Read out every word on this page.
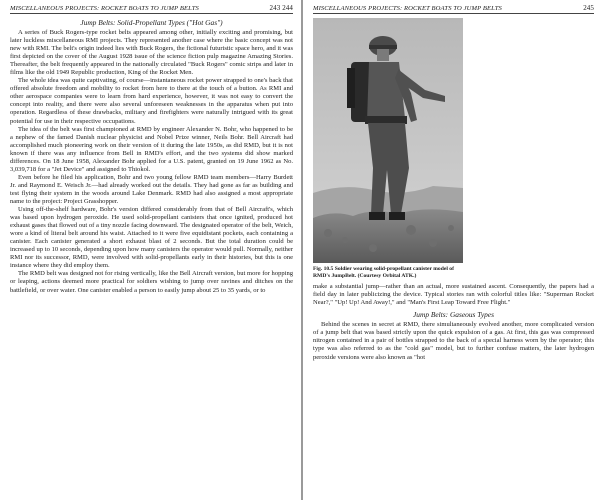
MISCELLANEOUS PROJECTS: ROCKET BOATS TO JUMP BELTS	243 244
Jump Belts: Solid-Propellant Types ("Hot Gas")

A series of Buck Rogers-type rocket belts appeared among other, initially exciting and promising, but later luckless miscellaneous RMI projects. They represented another case where the basic concept was not new with RMI. The belt's origin indeed lies with Buck Rogers, the fictional futuristic space hero, and it was first depicted on the cover of the August 1928 issue of the science fiction pulp magazine Amazing Stories. Thereafter, the belt frequently appeared in the nationally circulated "Buck Rogers" comic strips and later in films like the old 1949 Republic production, King of the Rocket Men.

The whole idea was quite captivating, of course—instantaneous rocket power strapped to one's back that offered absolute freedom and mobility to rocket from here to there at the touch of a button. As RMI and other aerospace companies were to learn from hard experience, however, it was not easy to convert the concept into reality, and there were also several unforeseen weaknesses in the apparatus when put into operation. Regardless of these drawbacks, military and firefighters were naturally intrigued with its great potential for use in their respective occupations.

The idea of the belt was first championed at RMD by engineer Alexander N. Bohr, who happened to be a nephew of the famed Danish nuclear physicist and Nobel Prize winner, Neils Bohr. Bell Aircraft had accomplished much pioneering work on their version of it during the late 1950s, as did RMD, but it is not known if there was any influence from Bell in RMD's effort, and the two systems did show marked differences. On 18 June 1958, Alexander Bohr applied for a U.S. patent, granted on 19 June 1962 as No. 3,039,718 for a "Jet Device" and assigned to Thiokol.

Even before he filed his application, Bohr and two young fellow RMD team members—Harry Burdett Jr. and Raymond E. Weisch Jr.—had already worked out the details. They had gone as far as building and test flying their system in the woods around Lake Denmark. RMD had also assigned a most appropriate name to the project: Project Grasshopper.

Using off-the-shelf hardware, Bohr's version differed considerably from that of Bell Aircraft's, which was based upon hydrogen peroxide. He used solid-propellant canisters that once ignited, produced hot exhaust gases that flowed out of a tiny nozzle facing downward. The designated operator of the belt, Weich, wore a kind of literal belt around his waist. Attached to it were five equidistant pockets, each containing a canister. Each canister generated a short exhaust blast of 2 seconds. But the total duration could be increased up to 10 seconds, depending upon how many canisters the operator would pull. Normally, neither RMI nor its successor, RMD, were involved with solid-propellants early in their histories, but this is one instance where they did employ them.

The RMD belt was designed not for rising vertically, like the Bell Aircraft version, but more for hopping or leaping, actions deemed more practical for soldiers wishing to jump over ravines and ditches on the battlefield, or over water. One canister enabled a person to easily jump about 25 to 35 yards, or to

MISCELLANEOUS PROJECTS: ROCKET BOATS TO JUMP BELTS	245
Fig. 10.5 Soldier wearing solid-propellant canister model of RMD's JumpBelt. (Courtesy Orbital ATK.)

make a substantial jump—rather than an actual, more sustained ascent. Consequently, the papers had a field day in later publicizing the device. Typical stories ran with colorful titles like: "Superman Rocket Near?," "Up! Up! And Away!," and "Man's First Leap Toward Free Flight."

Jump Belts: Gaseous Types

Behind the scenes in secret at RMD, there simultaneously evolved another, more complicated version of a jump belt that was based strictly upon the quick expulsion of a gas. At first, this gas was compressed nitrogen contained in a pair of bottles strapped to the back of a special harness worn by the operator; this type was also referred to as the "cold gas" model, but to further confuse matters, the later hydrogen peroxide versions were also known as "hot
